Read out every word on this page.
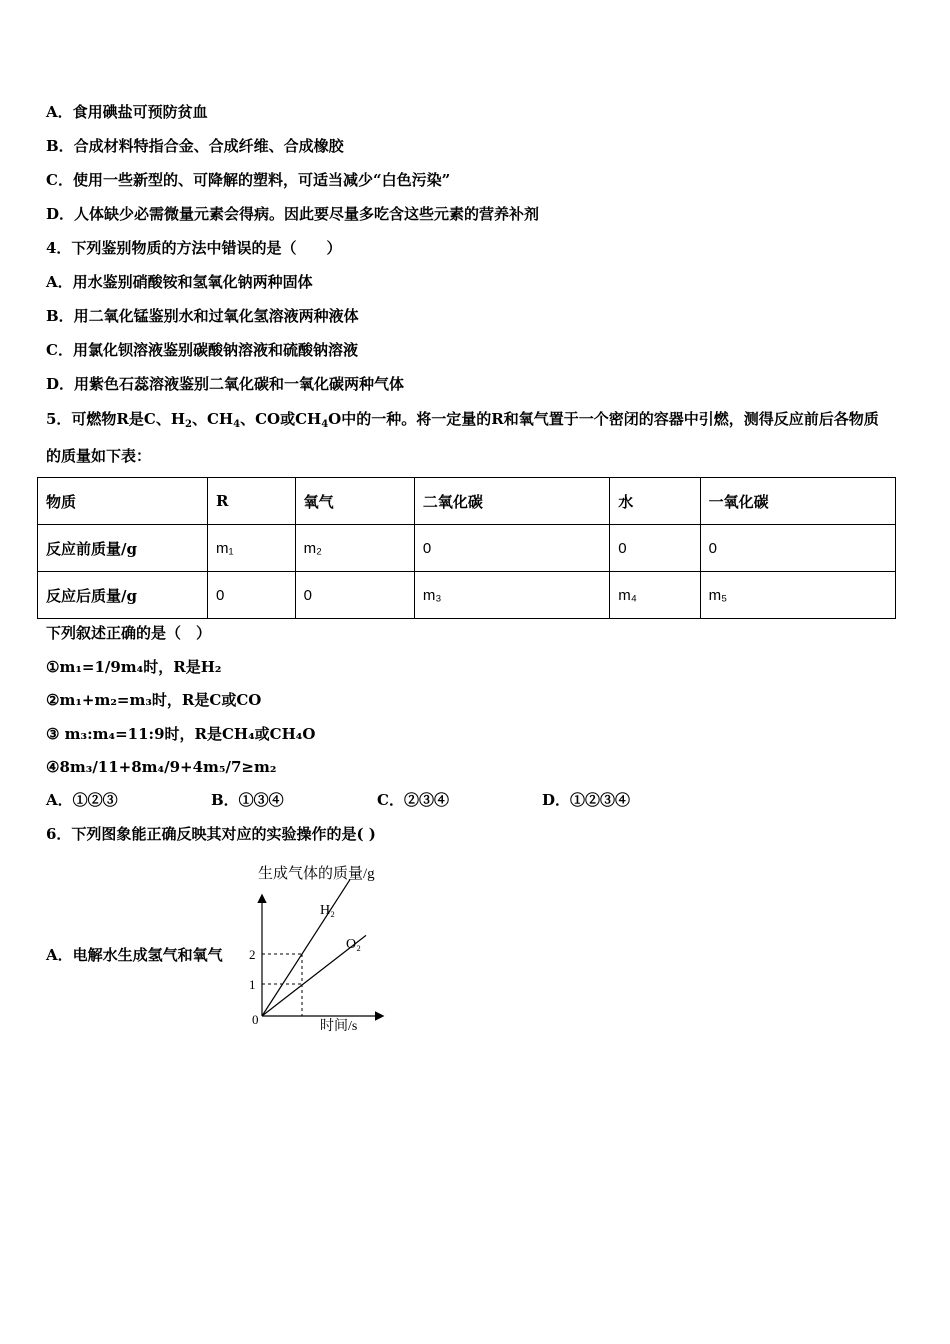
A．食用碘盐可预防贫血
B．合成材料特指合金、合成纤维、合成橡胶
C．使用一些新型的、可降解的塑料，可适当减少“白色污染”
D．人体缺少必需微量元素会得病。因此要尽量多吃含这些元素的营养补剂
4．下列鉴别物质的方法中错误的是（　　）
A．用水鉴别硝酸铵和氢氧化钠两种固体
B．用二氧化锰鉴别水和过氧化氢溶液两种液体
C．用氯化钡溶液鉴别碳酸钠溶液和硫酸钠溶液
D．用紫色石蕊溶液鉴别二氧化碳和一氧化碳两种气体
5．可燃物R是C、$H_2$、$CH_4$、CO或$CH_4O$中的一种。将一定量的R和氧气置于一个密闭的容器中引燃，测得反应前后各物质
的质量如下表：
物质	R	氧气	二氧化碳	水	一氧化碳
反应前质量/g	m₁	m₂	0	0	0
反应后质量/g	0	0	m₃	m₄	m₅
下列叙述正确的是（　）
①m₁=1/9m₄时，R是H₂
②m₁+m₂=m₃时，R是C或CO
③ m₃:m₄=11:9时，R是CH₄或CH₄O
④8m₃/11+8m₄/9+4m₅/7≥m₂
A．①②③	B．①③④	C．②③④	D．①②③④
6．下列图象能正确反映其对应的实验操作的是( )
A．电解水生成氢气和氧气
生成气体的质量/g
H₂
O₂
2
1
0	时间/s
